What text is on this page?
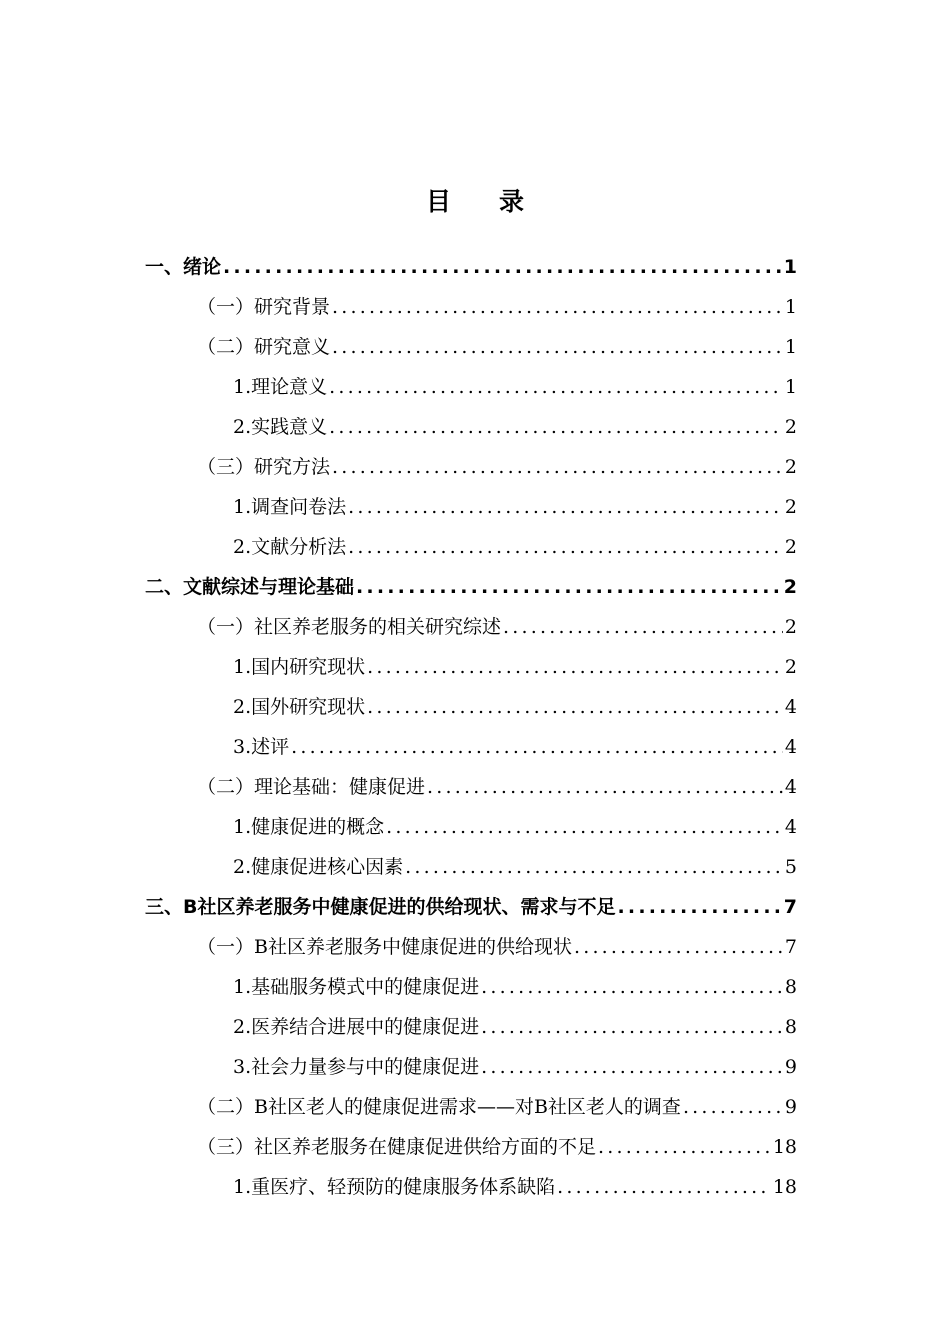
目 录
一、绪论 .....	1
（一）研究背景 .....	1
（二）研究意义 .....	1
1.理论意义 .....	1
2.实践意义 .....	2
（三）研究方法 .....	2
1.调查问卷法 .....	2
2.文献分析法 .....	2
二、文献综述与理论基础 .....	2
（一）社区养老服务的相关研究综述 .....	2
1.国内研究现状 .....	2
2.国外研究现状 .....	4
3.述评 .....	4
（二）理论基础：健康促进 .....	4
1.健康促进的概念 .....	4
2.健康促进核心因素 .....	5
三、B社区养老服务中健康促进的供给现状、需求与不足 .....	7
（一）B社区养老服务中健康促进的供给现状 .....	7
1.基础服务模式中的健康促进 .....	8
2.医养结合进展中的健康促进 .....	8
3.社会力量参与中的健康促进 .....	9
（二）B社区老人的健康促进需求——对B社区老人的调查 .....	9
（三）社区养老服务在健康促进供给方面的不足 .....	18
1.重医疗、轻预防的健康服务体系缺陷 .....	18
